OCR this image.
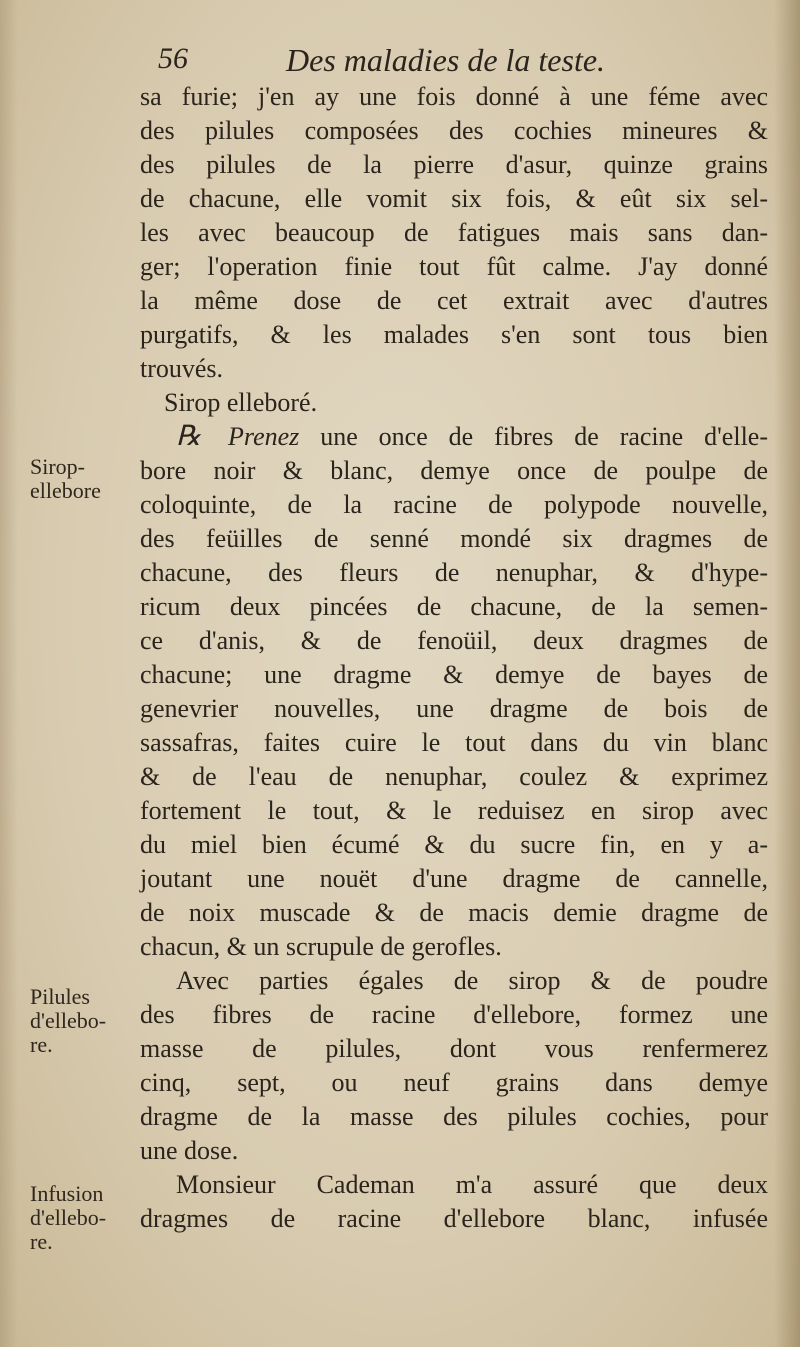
56	Des maladies de la teste.
Sirop-
ellebore
Pilules
d'ellebo-
re.
Infusion
d'ellebo-
re.
sa furie; j'en ay une fois donné à une féme avec
des pilules composées des cochies mineures &
des pilules de la pierre d'asur, quinze grains
de chacune, elle vomit six fois, & eût six sel-
les avec beaucoup de fatigues mais sans dan-
ger; l'operation finie tout fût calme. J'ay donné
la même dose de cet extrait avec d'autres
purgatifs, & les malades s'en sont tous bien
trouvés.
Sirop elleboré.
℞ Prenez une once de fibres de racine d'elle-
bore noir & blanc, demye once de poulpe de
coloquinte, de la racine de polypode nouvelle,
des feüilles de senné mondé six dragmes de
chacune, des fleurs de nenuphar, & d'hype-
ricum deux pincées de chacune, de la semen-
ce d'anis, & de fenoüil, deux dragmes de
chacune; une dragme & demye de bayes de
genevrier nouvelles, une dragme de bois de
sassafras, faites cuire le tout dans du vin blanc
& de l'eau de nenuphar, coulez & exprimez
fortement le tout, & le reduisez en sirop avec
du miel bien écumé & du sucre fin, en y a-
joutant une nouët d'une dragme de cannelle,
de noix muscade & de macis demie dragme de
chacun, & un scrupule de gerofles.
Avec parties égales de sirop & de poudre
des fibres de racine d'ellebore, formez une
masse de pilules, dont vous renfermerez
cinq, sept, ou neuf grains dans demye
dragme de la masse des pilules cochies, pour
une dose.
Monsieur Cademan m'a assuré que deux
dragmes de racine d'ellebore blanc, infusée
